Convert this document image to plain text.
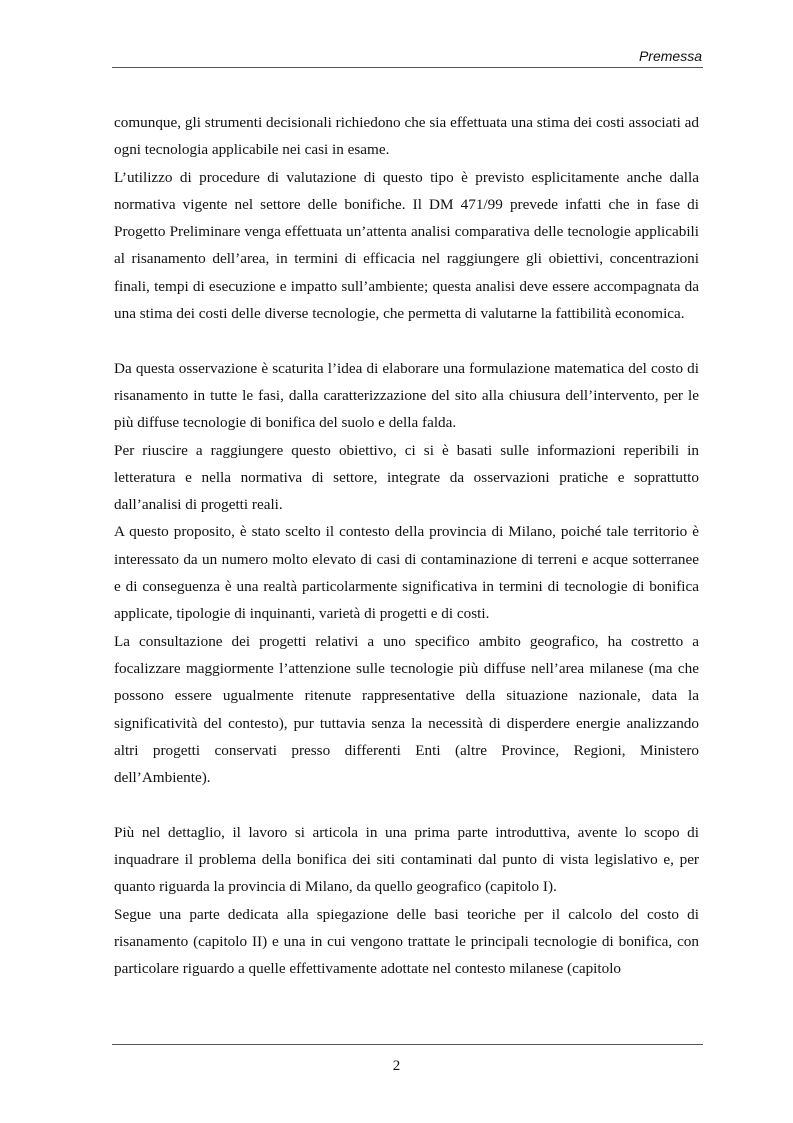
Premessa

comunque, gli strumenti decisionali richiedono che sia effettuata una stima dei costi associati ad ogni tecnologia applicabile nei casi in esame.

L’utilizzo di procedure di valutazione di questo tipo è previsto esplicitamente anche dalla normativa vigente nel settore delle bonifiche. Il DM 471/99 prevede infatti che in fase di Progetto Preliminare venga effettuata un’attenta analisi comparativa delle tecnologie applicabili al risanamento dell’area, in termini di efficacia nel raggiungere gli obiettivi, concentrazioni finali, tempi di esecuzione e impatto sull’ambiente; questa analisi deve essere accompagnata da una stima dei costi delle diverse tecnologie, che permetta di valutarne la fattibilità economica.

Da questa osservazione è scaturita l’idea di elaborare una formulazione matematica del costo di risanamento in tutte le fasi, dalla caratterizzazione del sito alla chiusura dell’intervento, per le più diffuse tecnologie di bonifica del suolo e della falda.

Per riuscire a raggiungere questo obiettivo, ci si è basati sulle informazioni reperibili in letteratura e nella normativa di settore, integrate da osservazioni pratiche e soprattutto dall’analisi di progetti reali.

A questo proposito, è stato scelto il contesto della provincia di Milano, poiché tale territorio è interessato da un numero molto elevato di casi di contaminazione di terreni e acque sotterranee e di conseguenza è una realtà particolarmente significativa in termini di tecnologie di bonifica applicate, tipologie di inquinanti, varietà di progetti e di costi.

La consultazione dei progetti relativi a uno specifico ambito geografico, ha costretto a focalizzare maggiormente l’attenzione sulle tecnologie più diffuse nell’area milanese (ma che possono essere ugualmente ritenute rappresentative della situazione nazionale, data la significatività del contesto), pur tuttavia senza la necessità di disperdere energie analizzando altri progetti conservati presso differenti Enti (altre Province, Regioni, Ministero dell’Ambiente).

Più nel dettaglio, il lavoro si articola in una prima parte introduttiva, avente lo scopo di inquadrare il problema della bonifica dei siti contaminati dal punto di vista legislativo e, per quanto riguarda la provincia di Milano, da quello geografico (capitolo I).

Segue una parte dedicata alla spiegazione delle basi teoriche per il calcolo del costo di risanamento (capitolo II) e una in cui vengono trattate le principali tecnologie di bonifica, con particolare riguardo a quelle effettivamente adottate nel contesto milanese (capitolo

2
